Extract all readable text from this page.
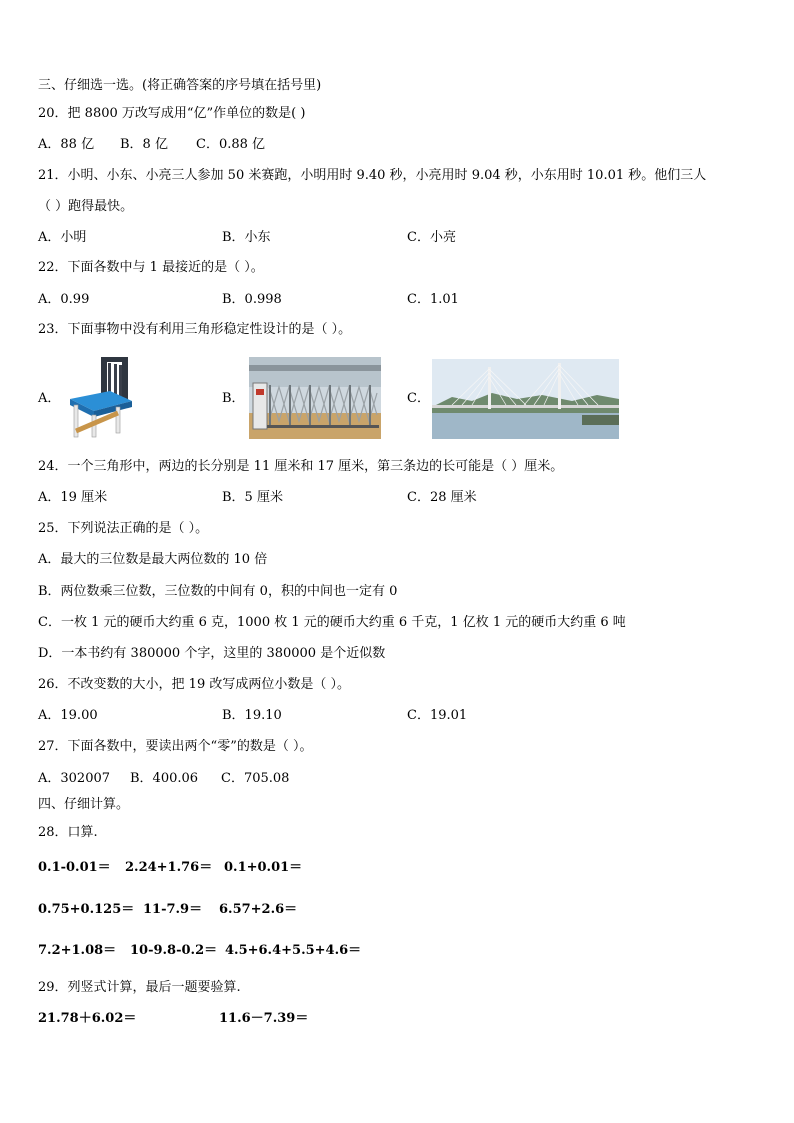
三、仔细选一选。(将正确答案的序号填在括号里)
20．把 8800 万改写成用“亿”作单位的数是( )
A．88 亿 B．8 亿 C．0.88 亿
21．小明、小东、小亮三人参加 50 米赛跑，小明用时 9.40 秒，小亮用时 9.04 秒，小东用时 10.01 秒。他们三人
（ ）跑得最快。
A．小明	B．小东	C．小亮
22．下面各数中与 1 最接近的是（ ）。
A．0.99	B．0.998	C．1.01
23．下面事物中没有利用三角形稳定性设计的是（ ）。
A．	B．	C．
24．一个三角形中，两边的长分别是 11 厘米和 17 厘米，第三条边的长可能是（ ）厘米。
A．19 厘米	B．5 厘米	C．28 厘米
25．下列说法正确的是（ ）。
A．最大的三位数是最大两位数的 10 倍
B．两位数乘三位数，三位数的中间有 0，积的中间也一定有 0
C．一枚 1 元的硬币大约重 6 克，1000 枚 1 元的硬币大约重 6 千克，1 亿枚 1 元的硬币大约重 6 吨
D．一本书约有 380000 个字，这里的 380000 是个近似数
26．不改变数的大小，把 19 改写成两位小数是（ ）。
A．19.00	B．19.10	C．19.01
27．下面各数中，要读出两个“零”的数是（ ）。
A．302007 B．400.06 C．705.08
四、仔细计算。
28．口算.
0.1-0.01＝ 2.24+1.76＝ 0.1+0.01＝
0.75+0.125＝ 11-7.9＝ 6.57+2.6＝
7.2+1.08＝ 10-9.8-0.2＝ 4.5+6.4+5.5+4.6＝
29．列竖式计算，最后一题要验算.
21.78＋6.02＝	11.6－7.39＝
